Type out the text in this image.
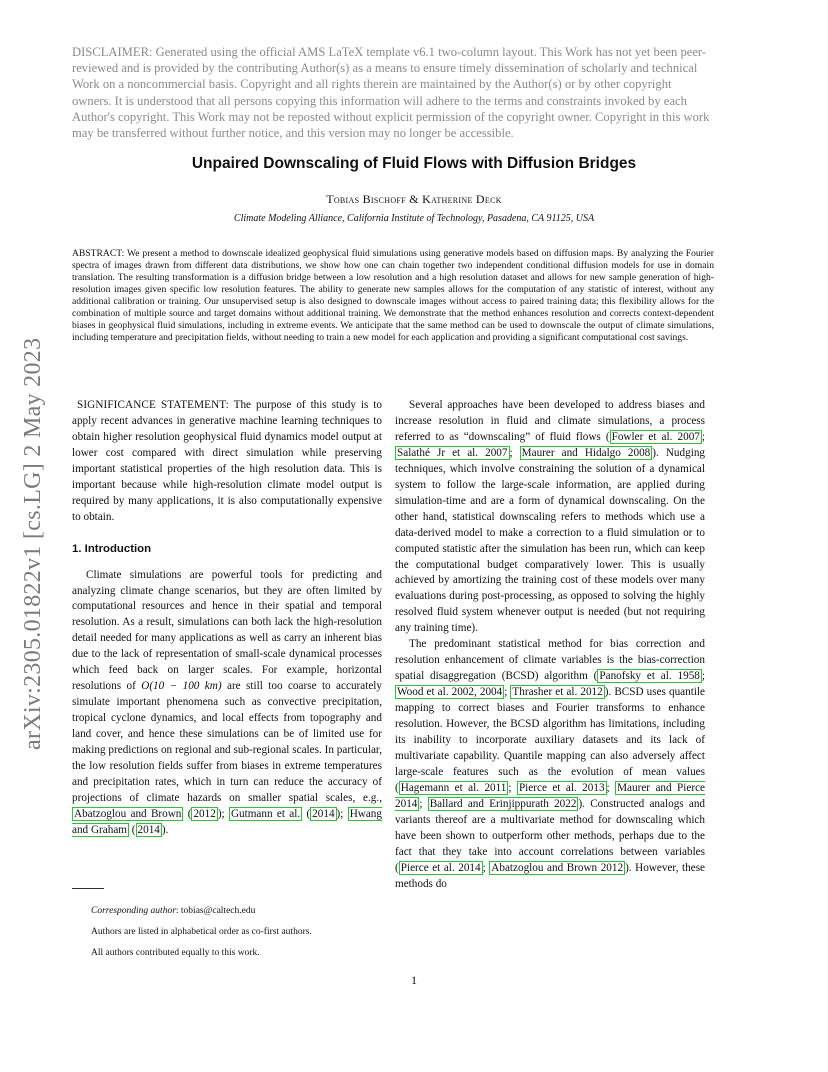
DISCLAIMER: Generated using the official AMS LaTeX template v6.1 two-column layout. This Work has not yet been peer-reviewed and is provided by the contributing Author(s) as a means to ensure timely dissemination of scholarly and technical Work on a noncommercial basis. Copyright and all rights therein are maintained by the Author(s) or by other copyright owners. It is understood that all persons copying this information will adhere to the terms and constraints invoked by each Author's copyright. This Work may not be reposted without explicit permission of the copyright owner. Copyright in this work may be transferred without further notice, and this version may no longer be accessible.
Unpaired Downscaling of Fluid Flows with Diffusion Bridges
Tobias Bischoff & Katherine Deck
Climate Modeling Alliance, California Institute of Technology, Pasadena, CA 91125, USA
ABSTRACT: We present a method to downscale idealized geophysical fluid simulations using generative models based on diffusion maps. By analyzing the Fourier spectra of images drawn from different data distributions, we show how one can chain together two independent conditional diffusion models for use in domain translation. The resulting transformation is a diffusion bridge between a low resolution and a high resolution dataset and allows for new sample generation of high-resolution images given specific low resolution features. The ability to generate new samples allows for the computation of any statistic of interest, without any additional calibration or training. Our unsupervised setup is also designed to downscale images without access to paired training data; this flexibility allows for the combination of multiple source and target domains without additional training. We demonstrate that the method enhances resolution and corrects context-dependent biases in geophysical fluid simulations, including in extreme events. We anticipate that the same method can be used to downscale the output of climate simulations, including temperature and precipitation fields, without needing to train a new model for each application and providing a significant computational cost savings.
arXiv:2305.01822v1 [cs.LG] 2 May 2023	SIGNIFICANCE STATEMENT: The purpose of this study is to apply recent advances in generative machine learning techniques to obtain higher resolution geophysical fluid dynamics model output at lower cost compared with direct simulation while preserving important statistical properties of the high resolution data. This is important because while high-resolution climate model output is required by many applications, it is also computationally expensive to obtain.

1. Introduction

Climate simulations are powerful tools for predicting and analyzing climate change scenarios, but they are often limited by computational resources and hence in their spatial and temporal resolution. As a result, simulations can both lack the high-resolution detail needed for many applications as well as carry an inherent bias due to the lack of representation of small-scale dynamical processes which feed back on larger scales. For example, horizontal resolutions of O(10 − 100 km) are still too coarse to accurately simulate important phenomena such as convective precipitation, tropical cyclone dynamics, and local effects from topography and land cover, and hence these simulations can be of limited use for making predictions on regional and sub-regional scales. In particular, the low resolution fields suffer from biases in extreme temperatures and precipitation rates, which in turn can reduce the accuracy of projections of climate hazards on smaller spatial scales, e.g., Abatzoglou and Brown ( 2012 ); Gutmann et al. ( 2014 ); Hwang and Graham ( 2014 ).

Corresponding author: tobias@caltech.edu
Authors are listed in alphabetical order as co-first authors.
All authors contributed equally to this work.

Several approaches have been developed to address biases and increase resolution in fluid and climate simulations, a process referred to as “downscaling” of fluid flows ( Fowler et al. 2007 ; Salathé Jr et al. 2007 ; Maurer and Hidalgo 2008 ). Nudging techniques, which involve constraining the solution of a dynamical system to follow the large-scale information, are applied during simulation-time and are a form of dynamical downscaling. On the other hand, statistical downscaling refers to methods which use a data-derived model to make a correction to a fluid simulation or to computed statistic after the simulation has been run, which can keep the computational budget comparatively lower. This is usually achieved by amortizing the training cost of these models over many evaluations during post-processing, as opposed to solving the highly resolved fluid system whenever output is needed (but not requiring any training time).

The predominant statistical method for bias correction and resolution enhancement of climate variables is the bias-correction spatial disaggregation (BCSD) algorithm ( Panofsky et al. 1958 ; Wood et al. 2002, 2004 ; Thrasher et al. 2012 ). BCSD uses quantile mapping to correct biases and Fourier transforms to enhance resolution. However, the BCSD algorithm has limitations, including its inability to incorporate auxiliary datasets and its lack of multivariate capability. Quantile mapping can also adversely affect large-scale features such as the evolution of mean values ( Hagemann et al. 2011 ; Pierce et al. 2013 ; Maurer and Pierce 2014 ; Ballard and Erinjippurath 2022 ). Constructed analogs and variants thereof are a multivariate method for downscaling which have been shown to outperform other methods, perhaps due to the fact that they take into account correlations between variables ( Pierce et al. 2014 ; Abatzoglou and Brown 2012 ). However, these methods do

1
